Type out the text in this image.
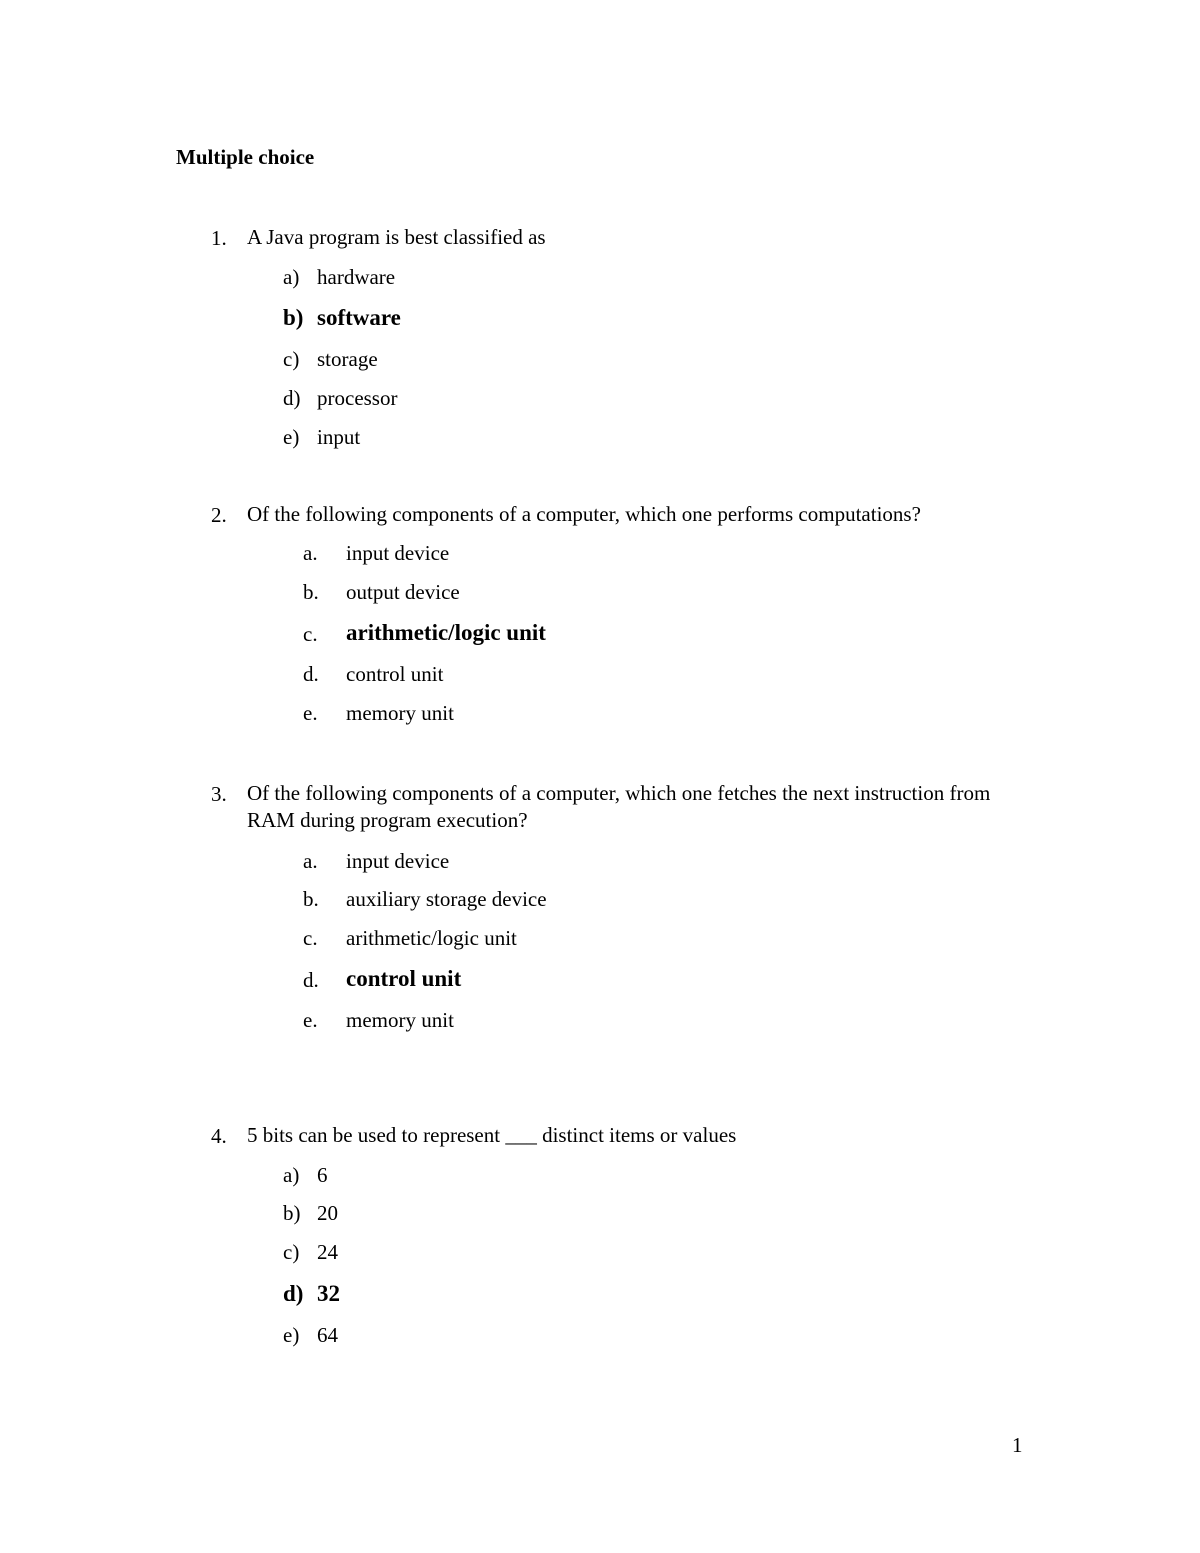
Multiple choice
1. A Java program is best classified as
a) hardware
b) software
c) storage
d) processor
e) input
2. Of the following components of a computer, which one performs computations?
a. input device
b. output device
c. arithmetic/logic unit
d. control unit
e. memory unit
3. Of the following components of a computer, which one fetches the next instruction from RAM during program execution?
a. input device
b. auxiliary storage device
c. arithmetic/logic unit
d. control unit
e. memory unit
4. 5 bits can be used to represent ___ distinct items or values
a) 6
b) 20
c) 24
d) 32
e) 64
1
